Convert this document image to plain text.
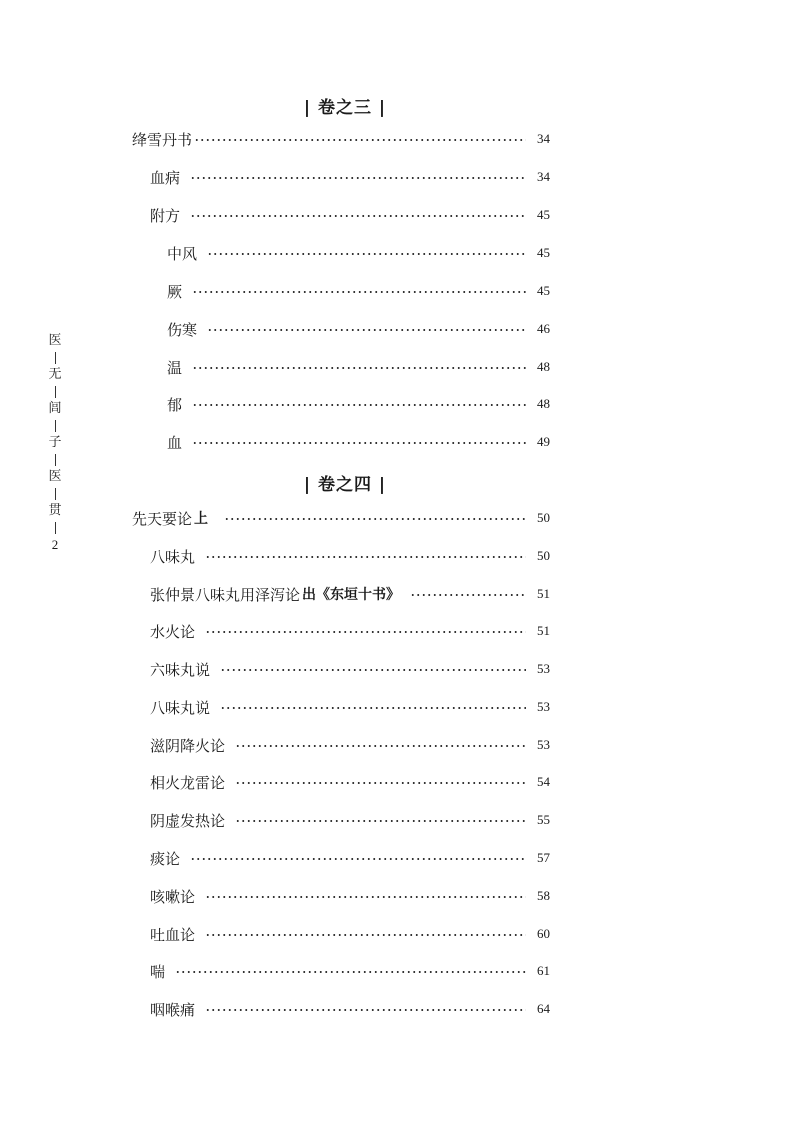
| 卷之三 |
绛雪丹书	34
血病	34
附方	45
中风	45
厥	45
伤寒	46
温	48
郁	48
血	49
| 卷之四 |
先天要论 上	50
八味丸	50
张仲景八味丸用泽泻论 出《东垣十书》	51
水火论	51
六味丸说	53
八味丸说	53
滋阴降火论	53
相火龙雷论	54
阴虚发热论	55
痰论	57
咳嗽论	58
吐血论	60
喘	61
咽喉痛	64
医
无
闾
子
医
贯
2
